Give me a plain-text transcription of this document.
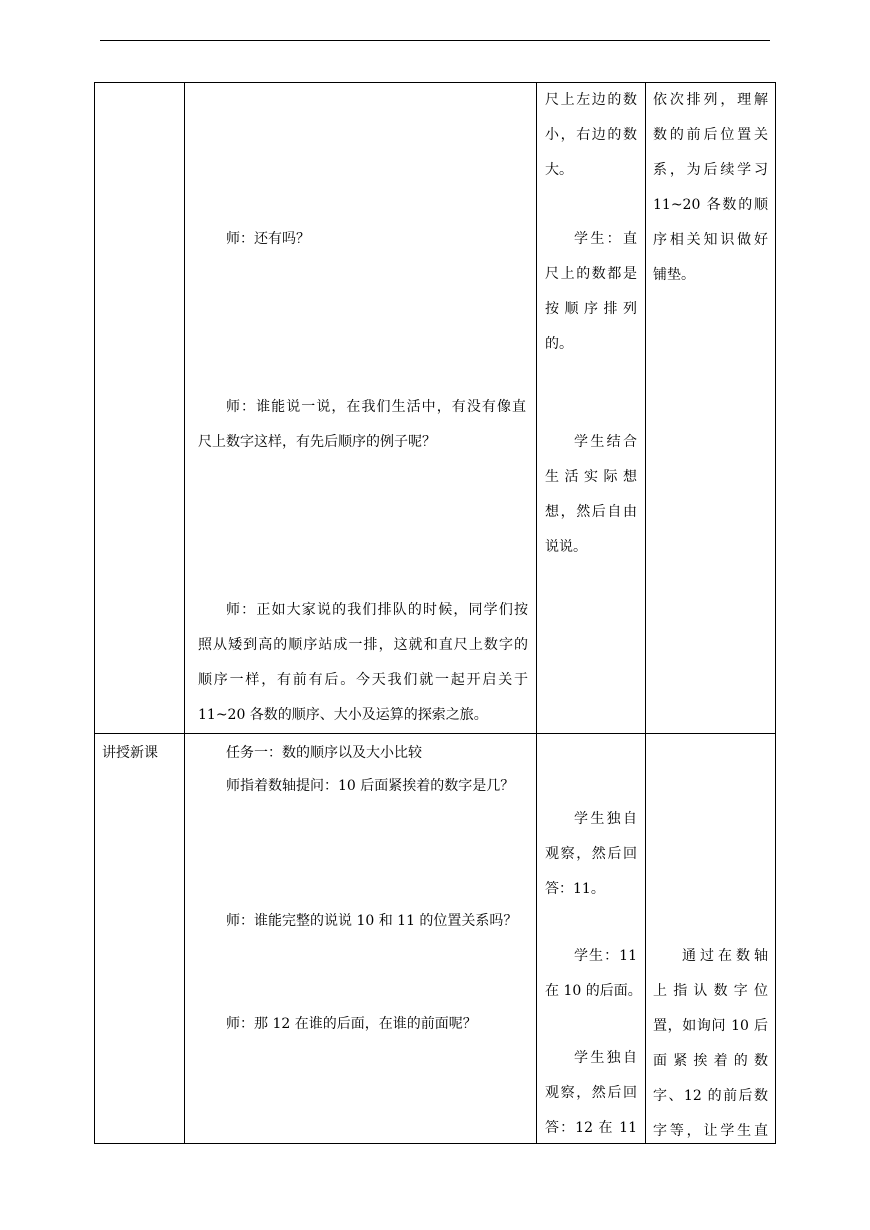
师：还有吗？
师：谁能说一说，在我们生活中，有没有像直
尺上数字这样，有先后顺序的例子呢？
师：正如大家说的我们排队的时候，同学们按
照从矮到高的顺序站成一排，这就和直尺上数字的
顺序一样，有前有后。今天我们就一起开启关于
11~20 各数的顺序、大小及运算的探索之旅。
尺上左边的数
小，右边的数
大。
学生：直
尺上的数都是
按顺序排列
的。
学生结合
生活实际想
想，然后自由
说说。
依次排列，理解
数的前后位置关
系，为后续学习
11~20 各数的顺
序相关知识做好
铺垫。
讲授新课	任务一：数的顺序以及大小比较
师指着数轴提问：10 后面紧挨着的数字是几？
师：谁能完整的说说 10 和 11 的位置关系吗？
师：那 12 在谁的后面，在谁的前面呢？
学生独自
观察，然后回
答：11。
学生：11
在 10 的后面。
学生独自
观察，然后回
答：12 在 11
通过在数轴
上指认数字位
置，如询问 10 后
面紧挨着的数
字、12 的前后数
字等，让学生直
